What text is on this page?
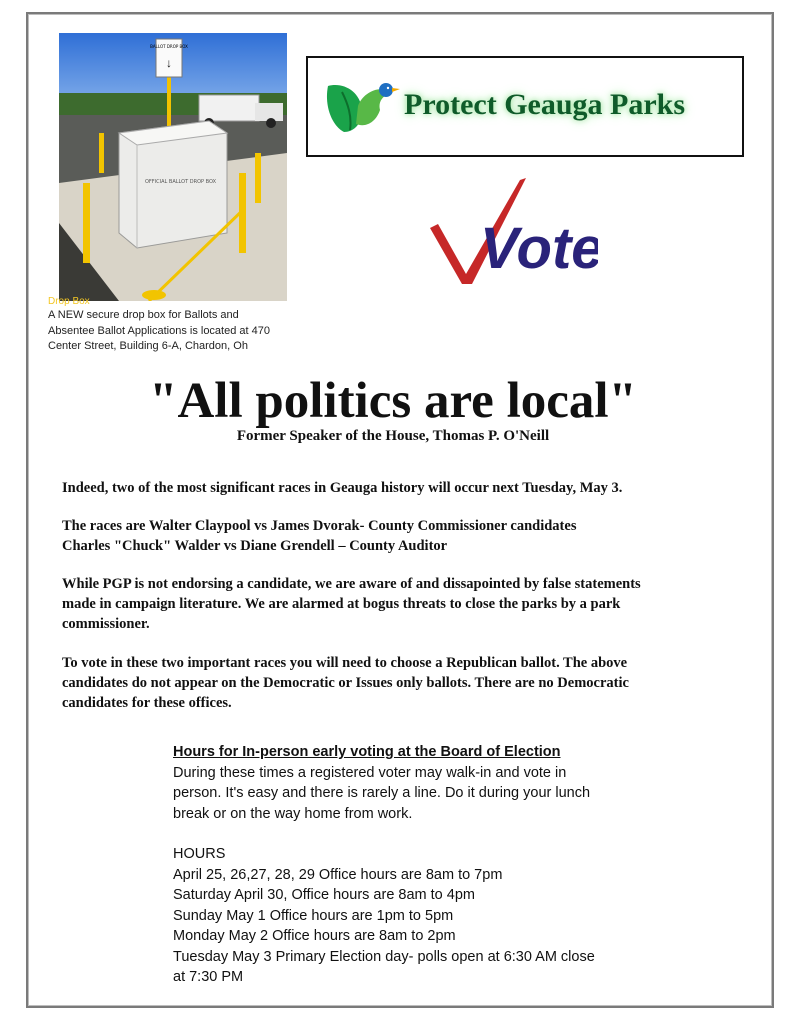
BALLOT DROP BOX
↓
OFFICIAL BALLOT DROP BOX
Drop Box
A NEW secure drop box for Ballots and
Absentee Ballot Applications is located at 470
Center Street, Building 6-A, Chardon, Oh
Protect Geauga Parks
Vote
"All politics are local"
Former Speaker of the House, Thomas P. O'Neill
Indeed, two of the most significant races in Geauga history will occur next Tuesday, May 3.
The races are Walter Claypool vs James Dvorak- County Commissioner candidates
Charles "Chuck" Walder vs Diane Grendell – County Auditor
While PGP is not endorsing a candidate, we are aware of and dissapointed by false statements
made in campaign literature. We are alarmed at bogus threats to close the parks by a park
commissioner.
To vote in these two important races you will need to choose a Republican ballot. The above
candidates do not appear on the Democratic or Issues only ballots. There are no Democratic
candidates for these offices.
Hours for In-person early voting at the Board of Election

During these times a registered voter may walk-in and vote in

person. It's easy and there is rarely a line. Do it during your lunch

break or on the way home from work.

HOURS

April 25, 26,27, 28, 29 Office hours are 8am to 7pm

Saturday April 30, Office hours are 8am to 4pm

Sunday May 1 Office hours are 1pm to 5pm

Monday May 2 Office hours are 8am to 2pm

Tuesday May 3 Primary Election day- polls open at 6:30 AM close

at 7:30 PM
